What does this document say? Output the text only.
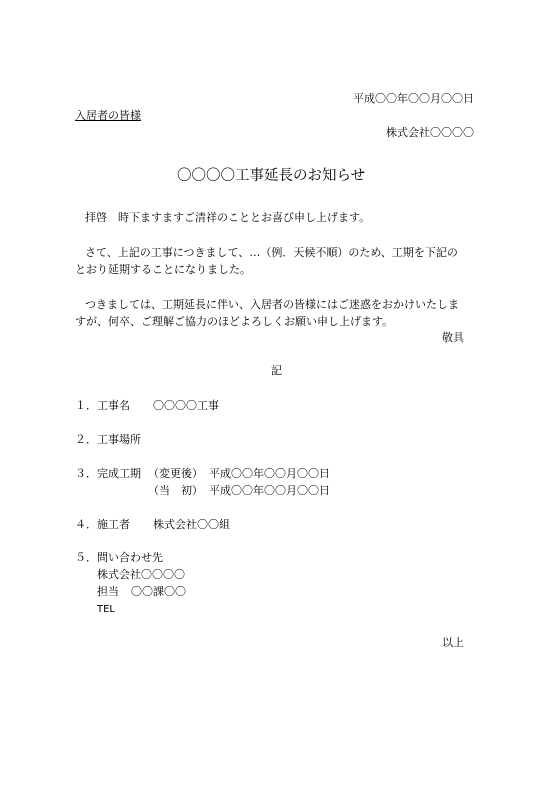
平成〇〇年〇〇月〇〇日
入居者の皆様
株式会社〇〇〇〇
〇〇〇〇工事延長のお知らせ
拝啓　時下ますますご清祥のこととお喜び申し上げます。
さて、上記の工事につきまして、…（例．天候不順）のため、工期を下記の
とおり延期することになりました。
つきましては、工期延長に伴い、入居者の皆様にはご迷惑をおかけいたしま
すが、何卒、ご理解ご協力のほどよろしくお願い申し上げます。
敬具
記
１． 工事名 〇〇〇〇工事
２． 工事場所
３． 完成工期 （変更後） 平成〇〇年〇〇月〇〇日
（当　初） 平成〇〇年〇〇月〇〇日
４． 施工者 株式会社〇〇組
５． 問い合わせ先
株式会社〇〇〇〇
担当 〇〇課〇〇
TEL
以上
